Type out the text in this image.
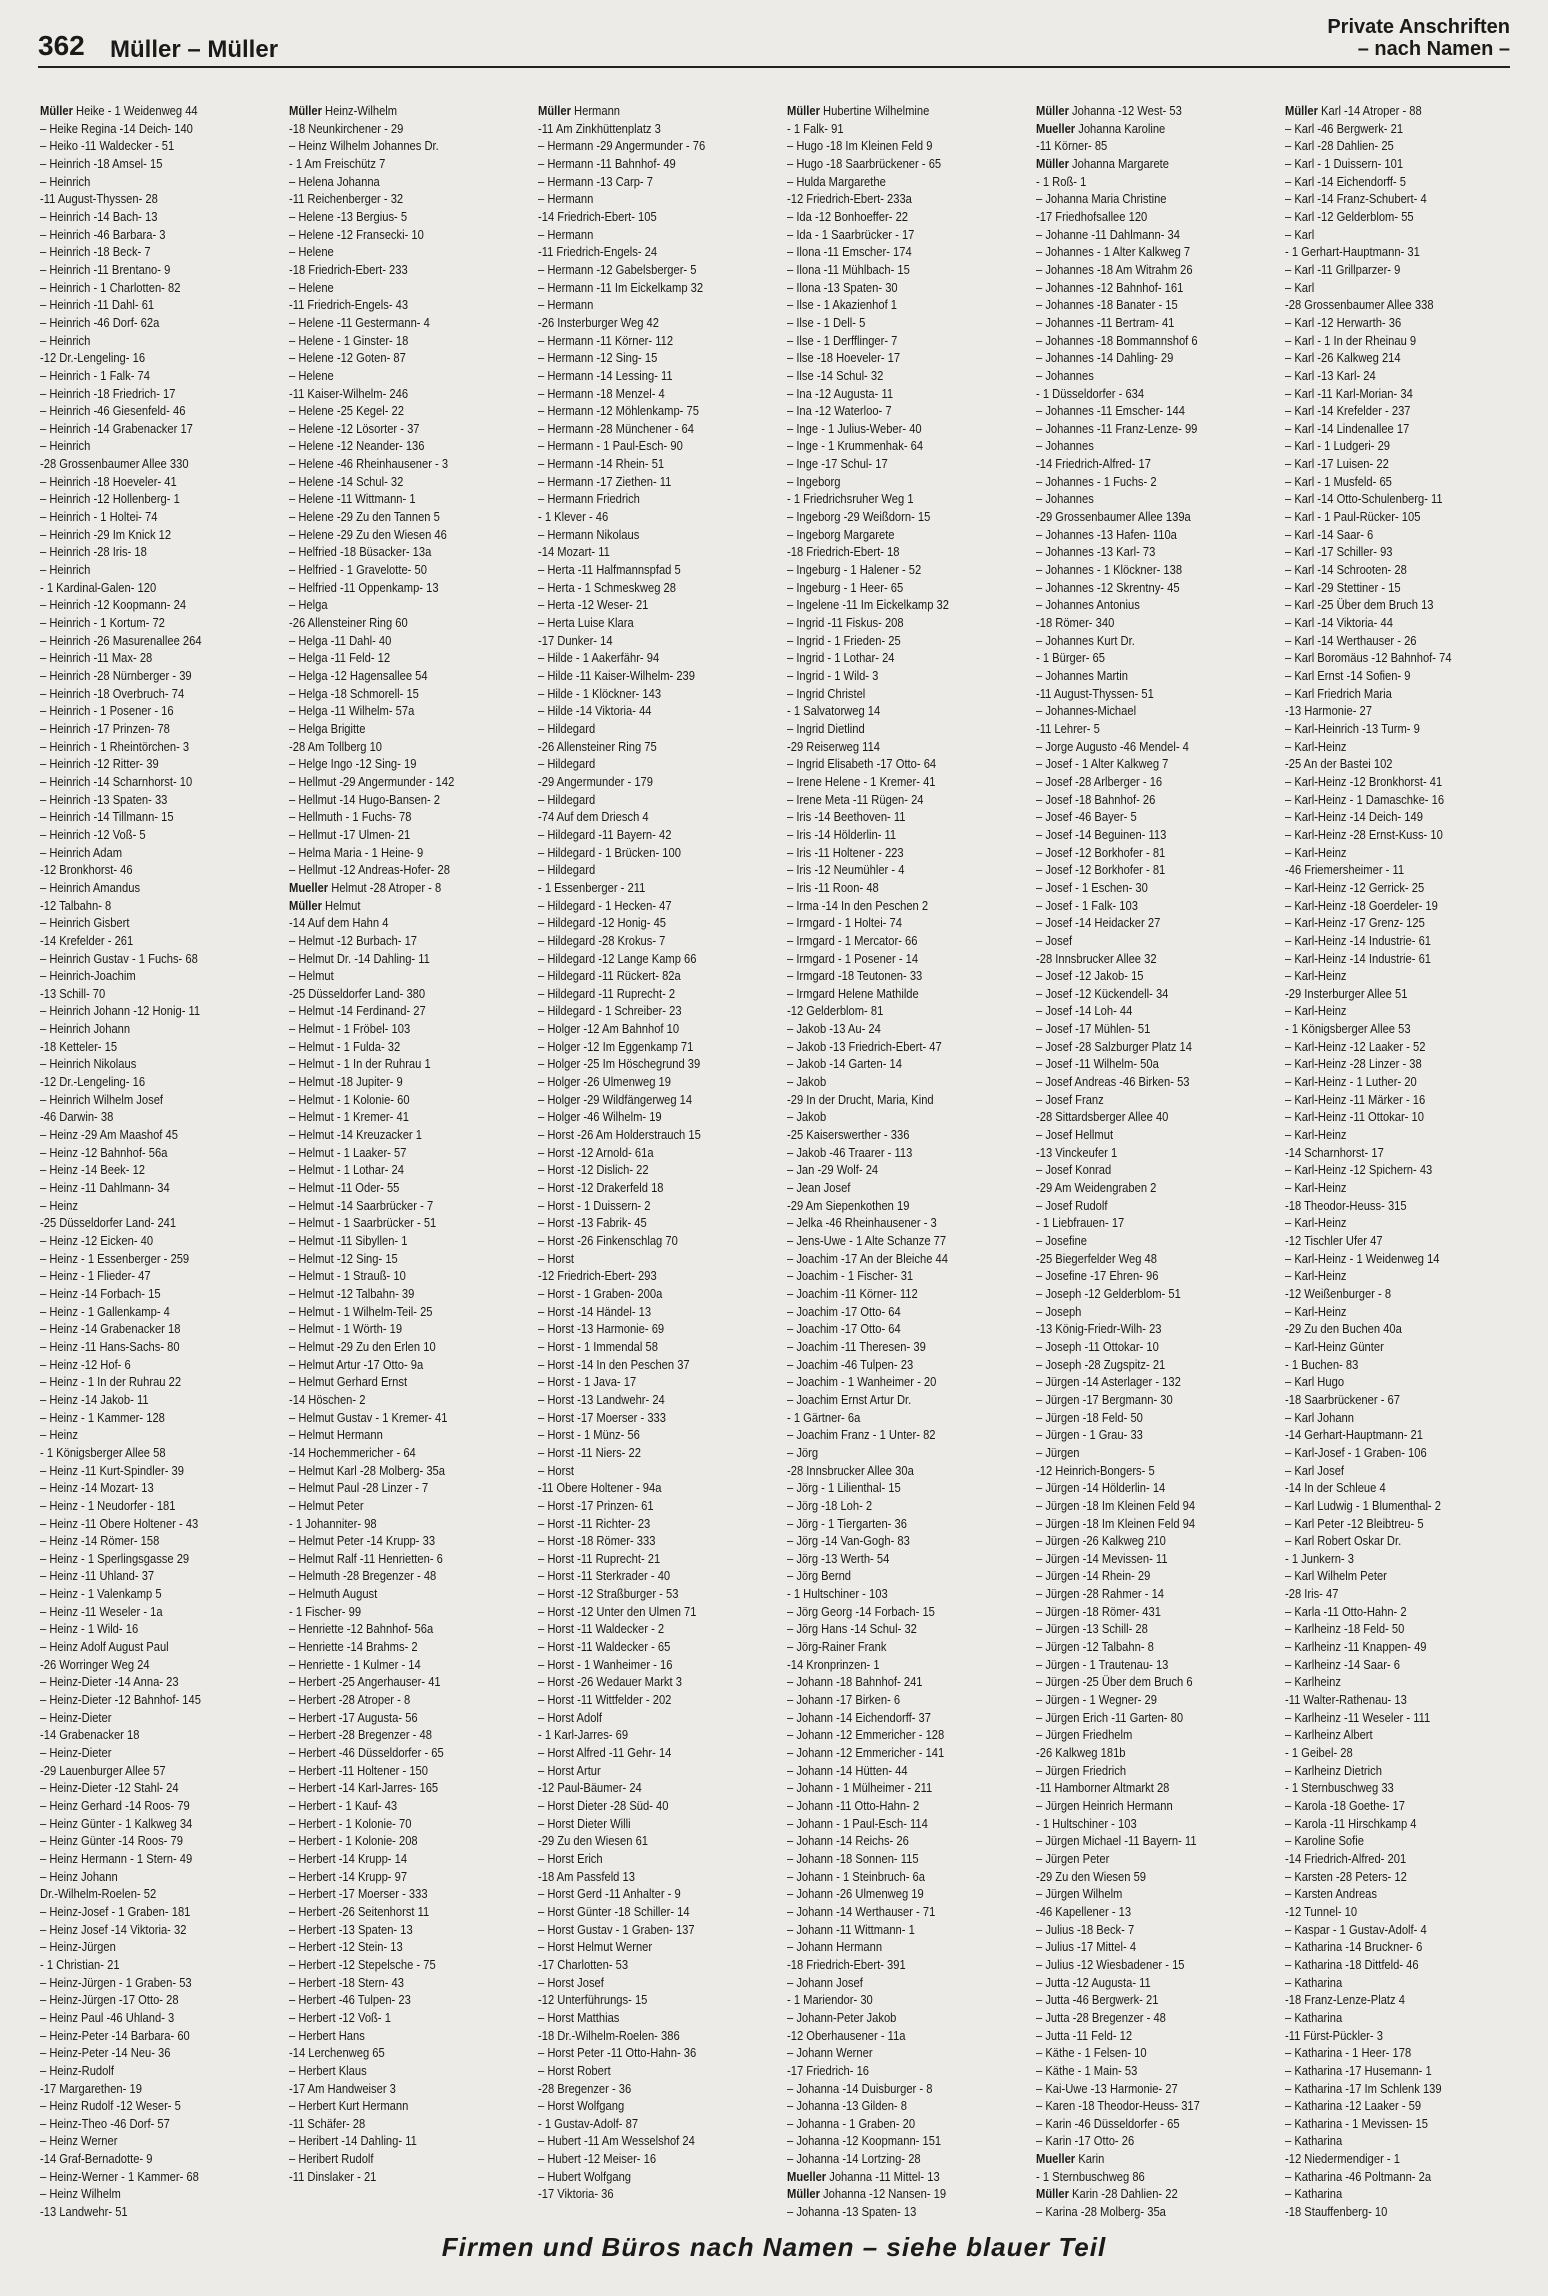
362 Müller – Müller
Private Anschriften
– nach Namen –
Müller Heike - 1 Weidenweg 44
– Heike Regina -14 Deich- 140
– Heiko -11 Waldecker - 51
– Heinrich -18 Amsel- 15
– Heinrich
-11 August-Thyssen- 28
– Heinrich -14 Bach- 13
– Heinrich -46 Barbara- 3
– Heinrich -18 Beck- 7
– Heinrich -11 Brentano- 9
– Heinrich - 1 Charlotten- 82
– Heinrich -11 Dahl- 61
– Heinrich -46 Dorf- 62a
– Heinrich
-12 Dr.-Lengeling- 16
– Heinrich - 1 Falk- 74
– Heinrich -18 Friedrich- 17
– Heinrich -46 Giesenfeld- 46
– Heinrich -14 Grabenacker 17
– Heinrich
-28 Grossenbaumer Allee 330
– Heinrich -18 Hoeveler- 41
– Heinrich -12 Hollenberg- 1
– Heinrich - 1 Holtei- 74
– Heinrich -29 Im Knick 12
– Heinrich -28 Iris- 18
– Heinrich
- 1 Kardinal-Galen- 120
– Heinrich -12 Koopmann- 24
– Heinrich - 1 Kortum- 72
– Heinrich -26 Masurenallee 264
– Heinrich -11 Max- 28
– Heinrich -28 Nürnberger - 39
– Heinrich -18 Overbruch- 74
– Heinrich - 1 Posener - 16
– Heinrich -17 Prinzen- 78
– Heinrich - 1 Rheintörchen- 3
– Heinrich -12 Ritter- 39
– Heinrich -14 Scharnhorst- 10
– Heinrich -13 Spaten- 33
– Heinrich -14 Tillmann- 15
– Heinrich -12 Voß- 5
– Heinrich Adam
-12 Bronkhorst- 46
– Heinrich Amandus
-12 Talbahn- 8
– Heinrich Gisbert
-14 Krefelder - 261
– Heinrich Gustav - 1 Fuchs- 68
– Heinrich-Joachim
-13 Schill- 70
– Heinrich Johann -12 Honig- 11
– Heinrich Johann
-18 Ketteler- 15
– Heinrich Nikolaus
-12 Dr.-Lengeling- 16
– Heinrich Wilhelm Josef
-46 Darwin- 38
– Heinz -29 Am Maashof 45
– Heinz -12 Bahnhof- 56a
– Heinz -14 Beek- 12
– Heinz -11 Dahlmann- 34
– Heinz
-25 Düsseldorfer Land- 241
– Heinz -12 Eicken- 40
– Heinz - 1 Essenberger - 259
– Heinz - 1 Flieder- 47
– Heinz -14 Forbach- 15
– Heinz - 1 Gallenkamp- 4
– Heinz -14 Grabenacker 18
– Heinz -11 Hans-Sachs- 80
– Heinz -12 Hof- 6
– Heinz - 1 In der Ruhrau 22
– Heinz -14 Jakob- 11
– Heinz - 1 Kammer- 128
– Heinz
- 1 Königsberger Allee 58
– Heinz -11 Kurt-Spindler- 39
– Heinz -14 Mozart- 13
– Heinz - 1 Neudorfer - 181
– Heinz -11 Obere Holtener - 43
– Heinz -14 Römer- 158
– Heinz - 1 Sperlingsgasse 29
– Heinz -11 Uhland- 37
– Heinz - 1 Valenkamp 5
– Heinz -11 Weseler - 1a
– Heinz - 1 Wild- 16
– Heinz Adolf August Paul
-26 Worringer Weg 24
– Heinz-Dieter -14 Anna- 23
– Heinz-Dieter -12 Bahnhof- 145
– Heinz-Dieter
-14 Grabenacker 18
– Heinz-Dieter
-29 Lauenburger Allee 57
– Heinz-Dieter -12 Stahl- 24
– Heinz Gerhard -14 Roos- 79
– Heinz Günter - 1 Kalkweg 34
– Heinz Günter -14 Roos- 79
– Heinz Hermann - 1 Stern- 49
– Heinz Johann
Dr.-Wilhelm-Roelen- 52
– Heinz-Josef - 1 Graben- 181
– Heinz Josef -14 Viktoria- 32
– Heinz-Jürgen
- 1 Christian- 21
– Heinz-Jürgen - 1 Graben- 53
– Heinz-Jürgen -17 Otto- 28
– Heinz Paul -46 Uhland- 3
– Heinz-Peter -14 Barbara- 60
– Heinz-Peter -14 Neu- 36
– Heinz-Rudolf
-17 Margarethen- 19
– Heinz Rudolf -12 Weser- 5
– Heinz-Theo -46 Dorf- 57
– Heinz Werner
-14 Graf-Bernadotte- 9
– Heinz-Werner - 1 Kammer- 68
– Heinz Wilhelm
-13 Landwehr- 51
Müller Heinz-Wilhelm
-18 Neunkirchener - 29
– Heinz Wilhelm Johannes Dr.
- 1 Am Freischütz 7
– Helena Johanna
-11 Reichenberger - 32
– Helene -13 Bergius- 5
– Helene -12 Fransecki- 10
– Helene
-18 Friedrich-Ebert- 233
– Helene
-11 Friedrich-Engels- 43
– Helene -11 Gestermann- 4
– Helene - 1 Ginster- 18
– Helene -12 Goten- 87
– Helene
-11 Kaiser-Wilhelm- 246
– Helene -25 Kegel- 22
– Helene -12 Lösorter - 37
– Helene -12 Neander- 136
– Helene -46 Rheinhausener - 3
– Helene -14 Schul- 32
– Helene -11 Wittmann- 1
– Helene -29 Zu den Tannen 5
– Helene -29 Zu den Wiesen 46
– Helfried -18 Büsacker- 13a
– Helfried - 1 Gravelotte- 50
– Helfried -11 Oppenkamp- 13
– Helga
-26 Allensteiner Ring 60
– Helga -11 Dahl- 40
– Helga -11 Feld- 12
– Helga -12 Hagensallee 54
– Helga -18 Schmorell- 15
– Helga -11 Wilhelm- 57a
– Helga Brigitte
-28 Am Tollberg 10
– Helge Ingo -12 Sing- 19
– Hellmut -29 Angermunder - 142
– Hellmut -14 Hugo-Bansen- 2
– Hellmuth - 1 Fuchs- 78
– Hellmut -17 Ulmen- 21
– Helma Maria - 1 Heine- 9
– Hellmut -12 Andreas-Hofer- 28
Mueller Helmut -28 Atroper - 8
Müller Helmut
-14 Auf dem Hahn 4
– Helmut -12 Burbach- 17
– Helmut Dr. -14 Dahling- 11
– Helmut
-25 Düsseldorfer Land- 380
– Helmut -14 Ferdinand- 27
– Helmut - 1 Fröbel- 103
– Helmut - 1 Fulda- 32
– Helmut - 1 In der Ruhrau 1
– Helmut -18 Jupiter- 9
– Helmut - 1 Kolonie- 60
– Helmut - 1 Kremer- 41
– Helmut -14 Kreuzacker 1
– Helmut - 1 Laaker- 57
– Helmut - 1 Lothar- 24
– Helmut -11 Oder- 55
– Helmut -14 Saarbrücker - 7
– Helmut - 1 Saarbrücker - 51
– Helmut -11 Sibyllen- 1
– Helmut -12 Sing- 15
– Helmut - 1 Strauß- 10
– Helmut -12 Talbahn- 39
– Helmut - 1 Wilhelm-Teil- 25
– Helmut - 1 Wörth- 19
– Helmut -29 Zu den Erlen 10
– Helmut Artur -17 Otto- 9a
– Helmut Gerhard Ernst
-14 Höschen- 2
– Helmut Gustav - 1 Kremer- 41
– Helmut Hermann
-14 Hochemmericher - 64
– Helmut Karl -28 Molberg- 35a
– Helmut Paul -28 Linzer - 7
– Helmut Peter
- 1 Johanniter- 98
– Helmut Peter -14 Krupp- 33
– Helmut Ralf -11 Henrietten- 6
– Helmuth -28 Bregenzer - 48
– Helmuth August
- 1 Fischer- 99
– Henriette -12 Bahnhof- 56a
– Henriette -14 Brahms- 2
– Henriette - 1 Kulmer - 14
– Herbert -25 Angerhauser- 41
– Herbert -28 Atroper - 8
– Herbert -17 Augusta- 56
– Herbert -28 Bregenzer - 48
– Herbert -46 Düsseldorfer - 65
– Herbert -11 Holtener - 150
– Herbert -14 Karl-Jarres- 165
– Herbert - 1 Kauf- 43
– Herbert - 1 Kolonie- 70
– Herbert - 1 Kolonie- 208
– Herbert -14 Krupp- 14
– Herbert -14 Krupp- 97
– Herbert -17 Moerser - 333
– Herbert -26 Seitenhorst 11
– Herbert -13 Spaten- 13
– Herbert -12 Stein- 13
– Herbert -12 Stepelsche - 75
– Herbert -18 Stern- 43
– Herbert -46 Tulpen- 23
– Herbert -12 Voß- 1
– Herbert Hans
-14 Lerchenweg 65
– Herbert Klaus
-17 Am Handweiser 3
– Herbert Kurt Hermann
-11 Schäfer- 28
– Heribert -14 Dahling- 11
– Heribert Rudolf
-11 Dinslaker - 21
Müller Hermann
-11 Am Zinkhüttenplatz 3
– Hermann -29 Angermunder - 76
– Hermann -11 Bahnhof- 49
– Hermann -13 Carp- 7
– Hermann
-14 Friedrich-Ebert- 105
– Hermann
-11 Friedrich-Engels- 24
– Hermann -12 Gabelsberger- 5
– Hermann -11 Im Eickelkamp 32
– Hermann
-26 Insterburger Weg 42
– Hermann -11 Körner- 112
– Hermann -12 Sing- 15
– Hermann -14 Lessing- 11
– Hermann -18 Menzel- 4
– Hermann -12 Möhlenkamp- 75
– Hermann -28 Münchener - 64
– Hermann - 1 Paul-Esch- 90
– Hermann -14 Rhein- 51
– Hermann -17 Ziethen- 11
– Hermann Friedrich
- 1 Klever - 46
– Hermann Nikolaus
-14 Mozart- 11
– Herta -11 Halfmannspfad 5
– Herta - 1 Schmeskweg 28
– Herta -12 Weser- 21
– Herta Luise Klara
-17 Dunker- 14
– Hilde - 1 Aakerfähr- 94
– Hilde -11 Kaiser-Wilhelm- 239
– Hilde - 1 Klöckner- 143
– Hilde -14 Viktoria- 44
– Hildegard
-26 Allensteiner Ring 75
– Hildegard
-29 Angermunder - 179
– Hildegard
-74 Auf dem Driesch 4
– Hildegard -11 Bayern- 42
– Hildegard - 1 Brücken- 100
– Hildegard
- 1 Essenberger - 211
– Hildegard - 1 Hecken- 47
– Hildegard -12 Honig- 45
– Hildegard -28 Krokus- 7
– Hildegard -12 Lange Kamp 66
– Hildegard -11 Rückert- 82a
– Hildegard -11 Ruprecht- 2
– Hildegard - 1 Schreiber- 23
– Holger -12 Am Bahnhof 10
– Holger -12 Im Eggenkamp 71
– Holger -25 Im Höschegrund 39
– Holger -26 Ulmenweg 19
– Holger -29 Wildfängerweg 14
– Holger -46 Wilhelm- 19
– Horst -26 Am Holderstrauch 15
– Horst -12 Arnold- 61a
– Horst -12 Dislich- 22
– Horst -12 Drakerfeld 18
– Horst - 1 Duissern- 2
– Horst -13 Fabrik- 45
– Horst -26 Finkenschlag 70
– Horst
-12 Friedrich-Ebert- 293
– Horst - 1 Graben- 200a
– Horst -14 Händel- 13
– Horst -13 Harmonie- 69
– Horst - 1 Immendal 58
– Horst -14 In den Peschen 37
– Horst - 1 Java- 17
– Horst -13 Landwehr- 24
– Horst -17 Moerser - 333
– Horst - 1 Münz- 56
– Horst -11 Niers- 22
– Horst
-11 Obere Holtener - 94a
– Horst -17 Prinzen- 61
– Horst -11 Richter- 23
– Horst -18 Römer- 333
– Horst -11 Ruprecht- 21
– Horst -11 Sterkrader - 40
– Horst -12 Straßburger - 53
– Horst -12 Unter den Ulmen 71
– Horst -11 Waldecker - 2
– Horst -11 Waldecker - 65
– Horst - 1 Wanheimer - 16
– Horst -26 Wedauer Markt 3
– Horst -11 Wittfelder - 202
– Horst Adolf
- 1 Karl-Jarres- 69
– Horst Alfred -11 Gehr- 14
– Horst Artur
-12 Paul-Bäumer- 24
– Horst Dieter -28 Süd- 40
– Horst Dieter Willi
-29 Zu den Wiesen 61
– Horst Erich
-18 Am Passfeld 13
– Horst Gerd -11 Anhalter - 9
– Horst Günter -18 Schiller- 14
– Horst Gustav - 1 Graben- 137
– Horst Helmut Werner
-17 Charlotten- 53
– Horst Josef
-12 Unterführungs- 15
– Horst Matthias
-18 Dr.-Wilhelm-Roelen- 386
– Horst Peter -11 Otto-Hahn- 36
– Horst Robert
-28 Bregenzer - 36
– Horst Wolfgang
- 1 Gustav-Adolf- 87
– Hubert -11 Am Wesselshof 24
– Hubert -12 Meiser- 16
– Hubert Wolfgang
-17 Viktoria- 36
Müller Hubertine Wilhelmine
- 1 Falk- 91
– Hugo -18 Im Kleinen Feld 9
– Hugo -18 Saarbrückener - 65
– Hulda Margarethe
-12 Friedrich-Ebert- 233a
– Ida -12 Bonhoeffer- 22
– Ida - 1 Saarbrücker - 17
– Ilona -11 Emscher- 174
– Ilona -11 Mühlbach- 15
– Ilona -13 Spaten- 30
– Ilse - 1 Akazienhof 1
– Ilse - 1 Dell- 5
– Ilse - 1 Derfflinger- 7
– Ilse -18 Hoeveler- 17
– Ilse -14 Schul- 32
– Ina -12 Augusta- 11
– Ina -12 Waterloo- 7
– Inge - 1 Julius-Weber- 40
– Inge - 1 Krummenhak- 64
– Inge -17 Schul- 17
– Ingeborg
- 1 Friedrichsruher Weg 1
– Ingeborg -29 Weißdorn- 15
– Ingeborg Margarete
-18 Friedrich-Ebert- 18
– Ingeburg - 1 Halener - 52
– Ingeburg - 1 Heer- 65
– Ingelene -11 Im Eickelkamp 32
– Ingrid -11 Fiskus- 208
– Ingrid - 1 Frieden- 25
– Ingrid - 1 Lothar- 24
– Ingrid - 1 Wild- 3
– Ingrid Christel
- 1 Salvatorweg 14
– Ingrid Dietlind
-29 Reiserweg 114
– Ingrid Elisabeth -17 Otto- 64
– Irene Helene - 1 Kremer- 41
– Irene Meta -11 Rügen- 24
– Iris -14 Beethoven- 11
– Iris -14 Hölderlin- 11
– Iris -11 Holtener - 223
– Iris -12 Neumühler - 4
– Iris -11 Roon- 48
– Irma -14 In den Peschen 2
– Irmgard - 1 Holtei- 74
– Irmgard - 1 Mercator- 66
– Irmgard - 1 Posener - 14
– Irmgard -18 Teutonen- 33
– Irmgard Helene Mathilde
-12 Gelderblom- 81
– Jakob -13 Au- 24
– Jakob -13 Friedrich-Ebert- 47
– Jakob -14 Garten- 14
– Jakob
-29 In der Drucht, Maria, Kind
– Jakob
-25 Kaiserswerther - 336
– Jakob -46 Traarer - 113
– Jan -29 Wolf- 24
– Jean Josef
-29 Am Siepenkothen 19
– Jelka -46 Rheinhausener - 3
– Jens-Uwe - 1 Alte Schanze 77
– Joachim -17 An der Bleiche 44
– Joachim - 1 Fischer- 31
– Joachim -11 Körner- 112
– Joachim -17 Otto- 64
– Joachim -17 Otto- 64
– Joachim -11 Theresen- 39
– Joachim -46 Tulpen- 23
– Joachim - 1 Wanheimer - 20
– Joachim Ernst Artur Dr.
- 1 Gärtner- 6a
– Joachim Franz - 1 Unter- 82
– Jörg
-28 Innsbrucker Allee 30a
– Jörg - 1 Lilienthal- 15
– Jörg -18 Loh- 2
– Jörg - 1 Tiergarten- 36
– Jörg -14 Van-Gogh- 83
– Jörg -13 Werth- 54
– Jörg Bernd
- 1 Hultschiner - 103
– Jörg Georg -14 Forbach- 15
– Jörg Hans -14 Schul- 32
– Jörg-Rainer Frank
-14 Kronprinzen- 1
– Johann -18 Bahnhof- 241
– Johann -17 Birken- 6
– Johann -14 Eichendorff- 37
– Johann -12 Emmericher - 128
– Johann -12 Emmericher - 141
– Johann -14 Hütten- 44
– Johann - 1 Mülheimer - 211
– Johann -11 Otto-Hahn- 2
– Johann - 1 Paul-Esch- 114
– Johann -14 Reichs- 26
– Johann -18 Sonnen- 115
– Johann - 1 Steinbruch- 6a
– Johann -26 Ulmenweg 19
– Johann -14 Werthauser - 71
– Johann -11 Wittmann- 1
– Johann Hermann
-18 Friedrich-Ebert- 391
– Johann Josef
- 1 Mariendor- 30
– Johann-Peter Jakob
-12 Oberhausener - 11a
– Johann Werner
-17 Friedrich- 16
– Johanna -14 Duisburger - 8
– Johanna -13 Gilden- 8
– Johanna - 1 Graben- 20
– Johanna -12 Koopmann- 151
– Johanna -14 Lortzing- 28
Mueller Johanna -11 Mittel- 13
Müller Johanna -12 Nansen- 19
– Johanna -13 Spaten- 13
Müller Johanna -12 West- 53
Mueller Johanna Karoline
-11 Körner- 85
Müller Johanna Margarete
- 1 Roß- 1
– Johanna Maria Christine
-17 Friedhofsallee 120
– Johanne -11 Dahlmann- 34
– Johannes - 1 Alter Kalkweg 7
– Johannes -18 Am Witrahm 26
– Johannes -12 Bahnhof- 161
– Johannes -18 Banater - 15
– Johannes -11 Bertram- 41
– Johannes -18 Bommannshof 6
– Johannes -14 Dahling- 29
– Johannes
- 1 Düsseldorfer - 634
– Johannes -11 Emscher- 144
– Johannes -11 Franz-Lenze- 99
– Johannes
-14 Friedrich-Alfred- 17
– Johannes - 1 Fuchs- 2
– Johannes
-29 Grossenbaumer Allee 139a
– Johannes -13 Hafen- 110a
– Johannes -13 Karl- 73
– Johannes - 1 Klöckner- 138
– Johannes -12 Skrentny- 45
– Johannes Antonius
-18 Römer- 340
– Johannes Kurt Dr.
- 1 Bürger- 65
– Johannes Martin
-11 August-Thyssen- 51
– Johannes-Michael
-11 Lehrer- 5
– Jorge Augusto -46 Mendel- 4
– Josef - 1 Alter Kalkweg 7
– Josef -28 Arlberger - 16
– Josef -18 Bahnhof- 26
– Josef -46 Bayer- 5
– Josef -14 Beguinen- 113
– Josef -12 Borkhofer - 81
– Josef -12 Borkhofer - 81
– Josef - 1 Eschen- 30
– Josef - 1 Falk- 103
– Josef -14 Heidacker 27
– Josef
-28 Innsbrucker Allee 32
– Josef -12 Jakob- 15
– Josef -12 Kückendell- 34
– Josef -14 Loh- 44
– Josef -17 Mühlen- 51
– Josef -28 Salzburger Platz 14
– Josef -11 Wilhelm- 50a
– Josef Andreas -46 Birken- 53
– Josef Franz
-28 Sittardsberger Allee 40
– Josef Hellmut
-13 Vinckeufer 1
– Josef Konrad
-29 Am Weidengraben 2
– Josef Rudolf
- 1 Liebfrauen- 17
– Josefine
-25 Biegerfelder Weg 48
– Josefine -17 Ehren- 96
– Joseph -12 Gelderblom- 51
– Joseph
-13 König-Friedr-Wilh- 23
– Joseph -11 Ottokar- 10
– Joseph -28 Zugspitz- 21
– Jürgen -14 Asterlager - 132
– Jürgen -17 Bergmann- 30
– Jürgen -18 Feld- 50
– Jürgen - 1 Grau- 33
– Jürgen
-12 Heinrich-Bongers- 5
– Jürgen -14 Hölderlin- 14
– Jürgen -18 Im Kleinen Feld 94
– Jürgen -18 Im Kleinen Feld 94
– Jürgen -26 Kalkweg 210
– Jürgen -14 Mevissen- 11
– Jürgen -14 Rhein- 29
– Jürgen -28 Rahmer - 14
– Jürgen -18 Römer- 431
– Jürgen -13 Schill- 28
– Jürgen -12 Talbahn- 8
– Jürgen - 1 Trautenau- 13
– Jürgen -25 Über dem Bruch 6
– Jürgen - 1 Wegner- 29
– Jürgen Erich -11 Garten- 80
– Jürgen Friedhelm
-26 Kalkweg 181b
– Jürgen Friedrich
-11 Hamborner Altmarkt 28
– Jürgen Heinrich Hermann
- 1 Hultschiner - 103
– Jürgen Michael -11 Bayern- 11
– Jürgen Peter
-29 Zu den Wiesen 59
– Jürgen Wilhelm
-46 Kapellener - 13
– Julius -18 Beck- 7
– Julius -17 Mittel- 4
– Julius -12 Wiesbadener - 15
– Jutta -12 Augusta- 11
– Jutta -46 Bergwerk- 21
– Jutta -28 Bregenzer - 48
– Jutta -11 Feld- 12
– Käthe - 1 Felsen- 10
– Käthe - 1 Main- 53
– Kai-Uwe -13 Harmonie- 27
– Karen -18 Theodor-Heuss- 317
– Karin -46 Düsseldorfer - 65
– Karin -17 Otto- 26
Mueller Karin
- 1 Sternbuschweg 86
Müller Karin -28 Dahlien- 22
– Karina -28 Molberg- 35a
Müller Karl -14 Atroper - 88
– Karl -46 Bergwerk- 21
– Karl -28 Dahlien- 25
– Karl - 1 Duissern- 101
– Karl -14 Eichendorff- 5
– Karl -14 Franz-Schubert- 4
– Karl -12 Gelderblom- 55
– Karl
- 1 Gerhart-Hauptmann- 31
– Karl -11 Grillparzer- 9
– Karl
-28 Grossenbaumer Allee 338
– Karl -12 Herwarth- 36
– Karl - 1 In der Rheinau 9
– Karl -26 Kalkweg 214
– Karl -13 Karl- 24
– Karl -11 Karl-Morian- 34
– Karl -14 Krefelder - 237
– Karl -14 Lindenallee 17
– Karl - 1 Ludgeri- 29
– Karl -17 Luisen- 22
– Karl - 1 Musfeld- 65
– Karl -14 Otto-Schulenberg- 11
– Karl - 1 Paul-Rücker- 105
– Karl -14 Saar- 6
– Karl -17 Schiller- 93
– Karl -14 Schrooten- 28
– Karl -29 Stettiner - 15
– Karl -25 Über dem Bruch 13
– Karl -14 Viktoria- 44
– Karl -14 Werthauser - 26
– Karl Boromäus -12 Bahnhof- 74
– Karl Ernst -14 Sofien- 9
– Karl Friedrich Maria
-13 Harmonie- 27
– Karl-Heinrich -13 Turm- 9
– Karl-Heinz
-25 An der Bastei 102
– Karl-Heinz -12 Bronkhorst- 41
– Karl-Heinz - 1 Damaschke- 16
– Karl-Heinz -14 Deich- 149
– Karl-Heinz -28 Ernst-Kuss- 10
– Karl-Heinz
-46 Friemersheimer - 11
– Karl-Heinz -12 Gerrick- 25
– Karl-Heinz -18 Goerdeler- 19
– Karl-Heinz -17 Grenz- 125
– Karl-Heinz -14 Industrie- 61
– Karl-Heinz -14 Industrie- 61
– Karl-Heinz
-29 Insterburger Allee 51
– Karl-Heinz
- 1 Königsberger Allee 53
– Karl-Heinz -12 Laaker - 52
– Karl-Heinz -28 Linzer - 38
– Karl-Heinz - 1 Luther- 20
– Karl-Heinz -11 Märker - 16
– Karl-Heinz -11 Ottokar- 10
– Karl-Heinz
-14 Scharnhorst- 17
– Karl-Heinz -12 Spichern- 43
– Karl-Heinz
-18 Theodor-Heuss- 315
– Karl-Heinz
-12 Tischler Ufer 47
– Karl-Heinz - 1 Weidenweg 14
– Karl-Heinz
-12 Weißenburger - 8
– Karl-Heinz
-29 Zu den Buchen 40a
– Karl-Heinz Günter
- 1 Buchen- 83
– Karl Hugo
-18 Saarbrückener - 67
– Karl Johann
-14 Gerhart-Hauptmann- 21
– Karl-Josef - 1 Graben- 106
– Karl Josef
-14 In der Schleue 4
– Karl Ludwig - 1 Blumenthal- 2
– Karl Peter -12 Bleibtreu- 5
– Karl Robert Oskar Dr.
- 1 Junkern- 3
– Karl Wilhelm Peter
-28 Iris- 47
– Karla -11 Otto-Hahn- 2
– Karlheinz -18 Feld- 50
– Karlheinz -11 Knappen- 49
– Karlheinz -14 Saar- 6
– Karlheinz
-11 Walter-Rathenau- 13
– Karlheinz -11 Weseler - 111
– Karlheinz Albert
- 1 Geibel- 28
– Karlheinz Dietrich
- 1 Sternbuschweg 33
– Karola -18 Goethe- 17
– Karola -11 Hirschkamp 4
– Karoline Sofie
-14 Friedrich-Alfred- 201
– Karsten -28 Peters- 12
– Karsten Andreas
-12 Tunnel- 10
– Kaspar - 1 Gustav-Adolf- 4
– Katharina -14 Bruckner- 6
– Katharina -18 Dittfeld- 46
– Katharina
-18 Franz-Lenze-Platz 4
– Katharina
-11 Fürst-Pückler- 3
– Katharina - 1 Heer- 178
– Katharina -17 Husemann- 1
– Katharina -17 Im Schlenk 139
– Katharina -12 Laaker - 59
– Katharina - 1 Mevissen- 15
– Katharina
-12 Niedermendiger - 1
– Katharina -46 Poltmann- 2a
– Katharina
-18 Stauffenberg- 10
Firmen und Büros nach Namen – siehe blauer Teil
